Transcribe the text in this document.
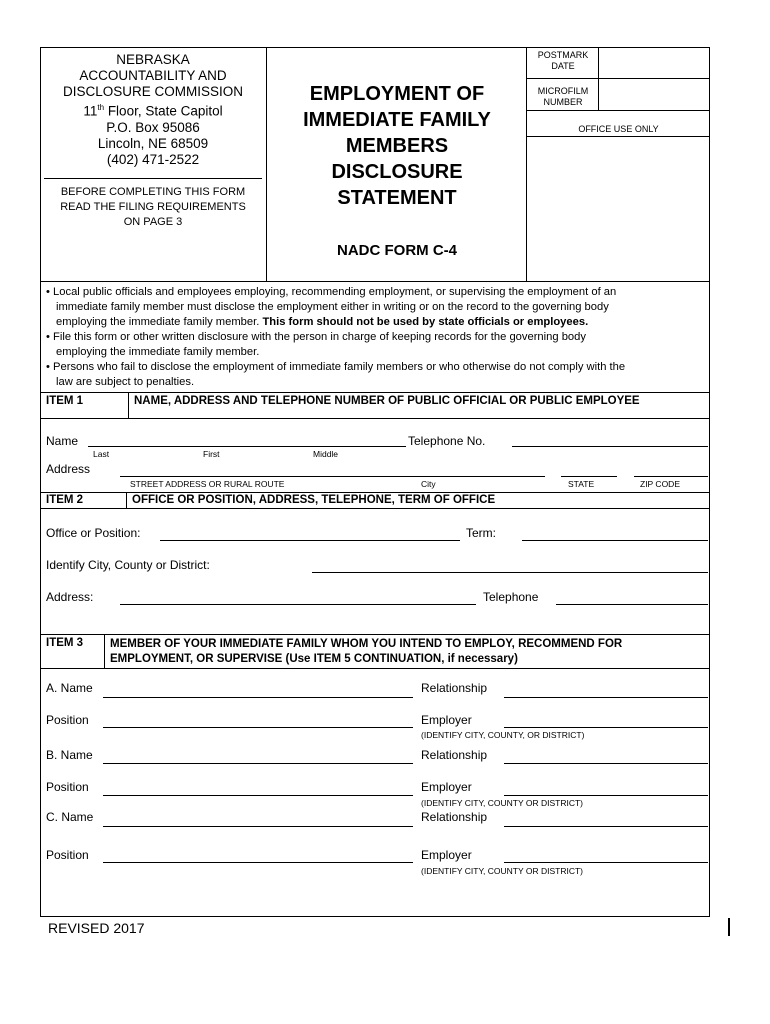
NEBRASKA
ACCOUNTABILITY AND
DISCLOSURE COMMISSION
11th Floor, State Capitol
P.O. Box 95086
Lincoln, NE 68509
(402) 471-2522
BEFORE COMPLETING THIS FORM
READ THE FILING REQUIREMENTS
ON PAGE 3
EMPLOYMENT OF
IMMEDIATE FAMILY
MEMBERS
DISCLOSURE
STATEMENT
NADC FORM C-4
POSTMARK
DATE
MICROFILM
NUMBER
OFFICE USE ONLY
• Local public officials and employees employing, recommending employment, or supervising the employment of an
immediate family member must disclose the employment either in writing or on the record to the governing body
employing the immediate family member. This form should not be used by state officials or employees.
• File this form or other written disclosure with the person in charge of keeping records for the governing body
employing the immediate family member.
• Persons who fail to disclose the employment of immediate family members or who otherwise do not comply with the
law are subject to penalties.
ITEM 1	NAME, ADDRESS AND TELEPHONE NUMBER OF PUBLIC OFFICIAL OR PUBLIC EMPLOYEE
Name	Telephone No.
Last	First	Middle
Address
STREET ADDRESS OR RURAL ROUTE	City	STATE	ZIP CODE
ITEM 2	OFFICE OR POSITION, ADDRESS, TELEPHONE, TERM OF OFFICE
Office or Position:	Term:
Identify City, County or District:
Address:	Telephone
ITEM 3 MEMBER OF YOUR IMMEDIATE FAMILY WHOM YOU INTEND TO EMPLOY, RECOMMEND FOR
EMPLOYMENT, OR SUPERVISE (Use ITEM 5 CONTINUATION, if necessary)
A. Name	Relationship
Position	Employer
(IDENTIFY CITY, COUNTY, OR DISTRICT)
B. Name	Relationship
Position	Employer
(IDENTIFY CITY, COUNTY OR DISTRICT)
C. Name	Relationship
Position	Employer
(IDENTIFY CITY, COUNTY OR DISTRICT)
REVISED 2017
